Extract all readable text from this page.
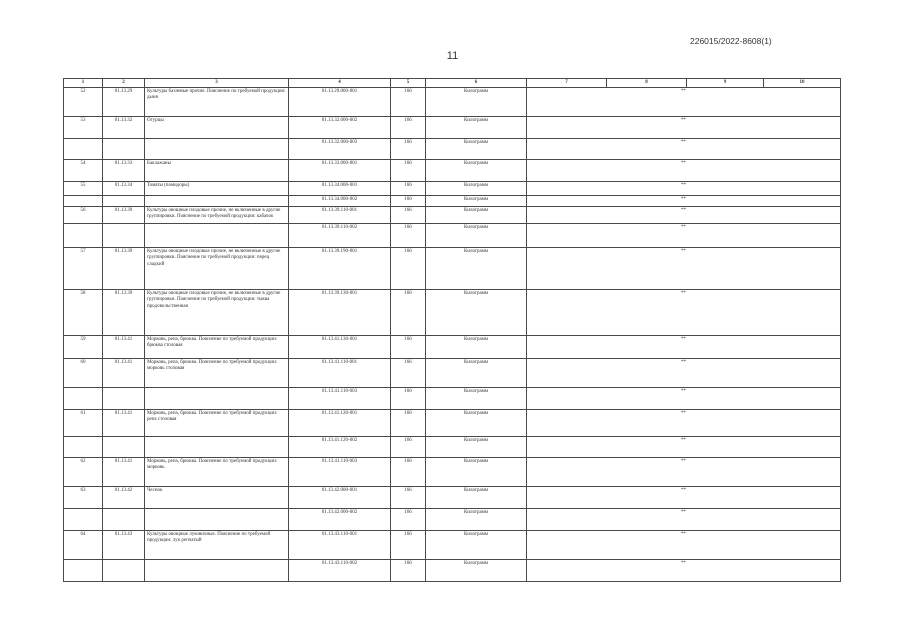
226015/2022-8608(1)
11
1	2	3	4	5	6	7	8	9	10
52	01.13.29	Культуры бахчевые прочие. Пояснение по требуемой продукции: дыня	01.13.29.000-001	166	Килограмм	**			
53	01.13.32	Огурцы	01.13.32.000-002	166	Килограмм	**			
			01.13.32.000-003	166	Килограмм	**			
54	01.13.33	Баклажаны	01.13.33.000-001	166	Килограмм	**			
55	01.13.34	Томаты (помидоры)	01.13.34.000-001	166	Килограмм	**			
			01.13.34.000-002	166	Килограмм	**			
56	01.13.39	Культуры овощные плодовые прочие, не включенные в другие группировки. Пояснение по требуемой продукции: кабачок	01.13.39.110-001	166	Килограмм	**			
			01.13.39.110-002	166	Килограмм	**			
57	01.13.39	Культуры овощные плодовые прочие, не включенные в другие группировки. Пояснение по требуемой продукции: перец сладкий	01.13.39.190-001	166	Килограмм	**			
58	01.13.39	Культуры овощные плодовые прочие, не включенные в другие группировки. Пояснение по требуемой продукции: тыква продовольственная	01.13.39.130-001	166	Килограмм	**			
59	01.13.41	Морковь, репа, брюква. Пояснение по требуемой продукции: брюква столовая	01.13.41.130-001	166	Килограмм	**			
60	01.13.41	Морковь, репа, брюква. Пояснение по требуемой продукции: морковь столовая	01.13.41.110-001	166	Килограмм	**			
			01.13.41.110-003	166	Килограмм	**			
61	01.13.41	Морковь, репа, брюква. Пояснение по требуемой продукции: репа столовая	01.13.41.120-001	166	Килограмм	**			
			01.13.41.120-002	166	Килограмм	**			
62	01.13.41	Морковь, репа, брюква. Пояснение по требуемой продукции: морковь	01.13.41.110-003	166	Килограмм	**			
63	01.13.42	Чеснок	01.13.42.000-001	166	Килограмм	**			
			01.13.42.000-002	166	Килограмм	**			
64	01.13.43	Культуры овощные луковичные. Пояснение по требуемой продукции: лук репчатый	01.13.43.110-001	166	Килограмм	**			
			01.13.43.110-002	166	Килограмм	**			
